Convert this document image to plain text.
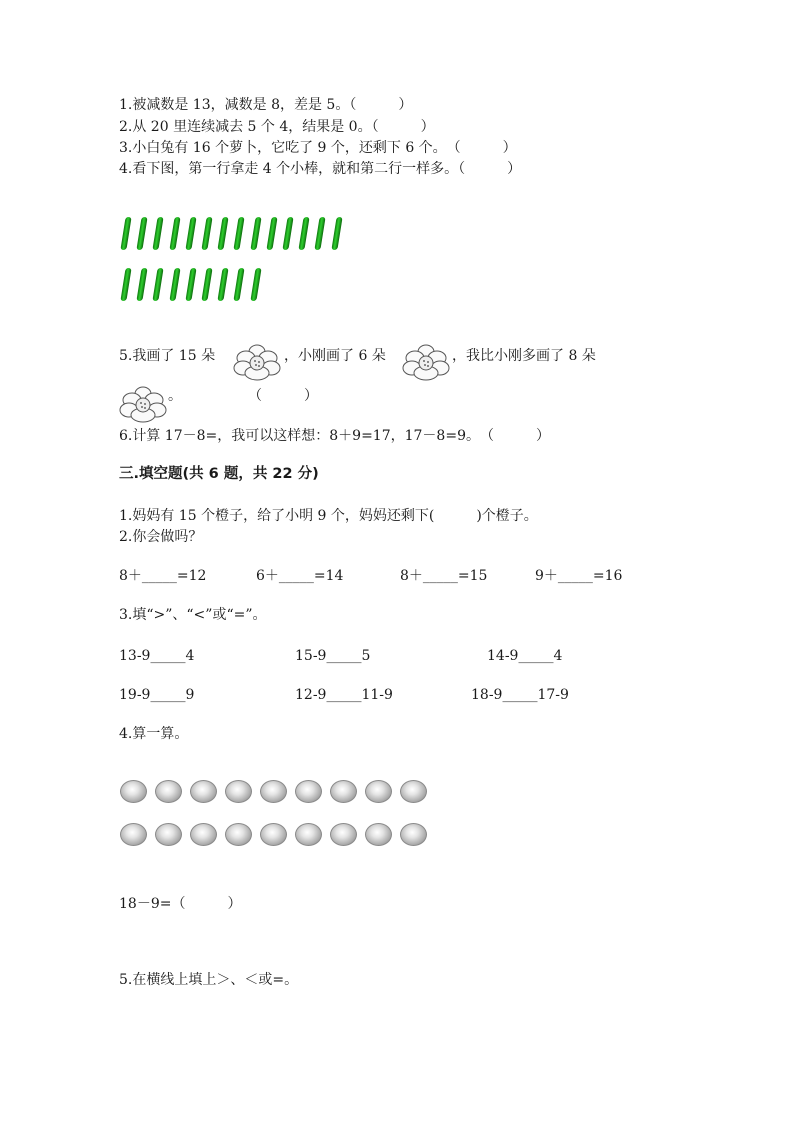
1.被减数是 13，减数是 8，差是 5。（　　　）
2.从 20 里连续减去 5 个 4，结果是 0。（　　　）
3.小白兔有 16 个萝卜，它吃了 9 个，还剩下 6 个。　（　　　）
4.看下图，第一行拿走 4 个小棒，就和第二行一样多。（　　　）
5.我画了 15 朵	，小刚画了 6 朵	，我比小刚多画了 8 朵
。	（　　　）
6.计算 17－8=，我可以这样想：8＋9=17，17－8=9。　（　　　）
三.填空题(共 6 题，共 22 分)
1.妈妈有 15 个橙子，给了小明 9 个，妈妈还剩下(　　　)个橙子。
2.你会做吗？
8＋_____=12	6＋_____=14	8＋_____=15	9＋_____=16
3.填“>”、“<”或“=”。
13-9_____4	15-9_____5	14-9_____4
19-9_____9	12-9_____11-9	18-9_____17-9
4.算一算。
18－9=（　　　）
5.在横线上填上＞、＜或=。
